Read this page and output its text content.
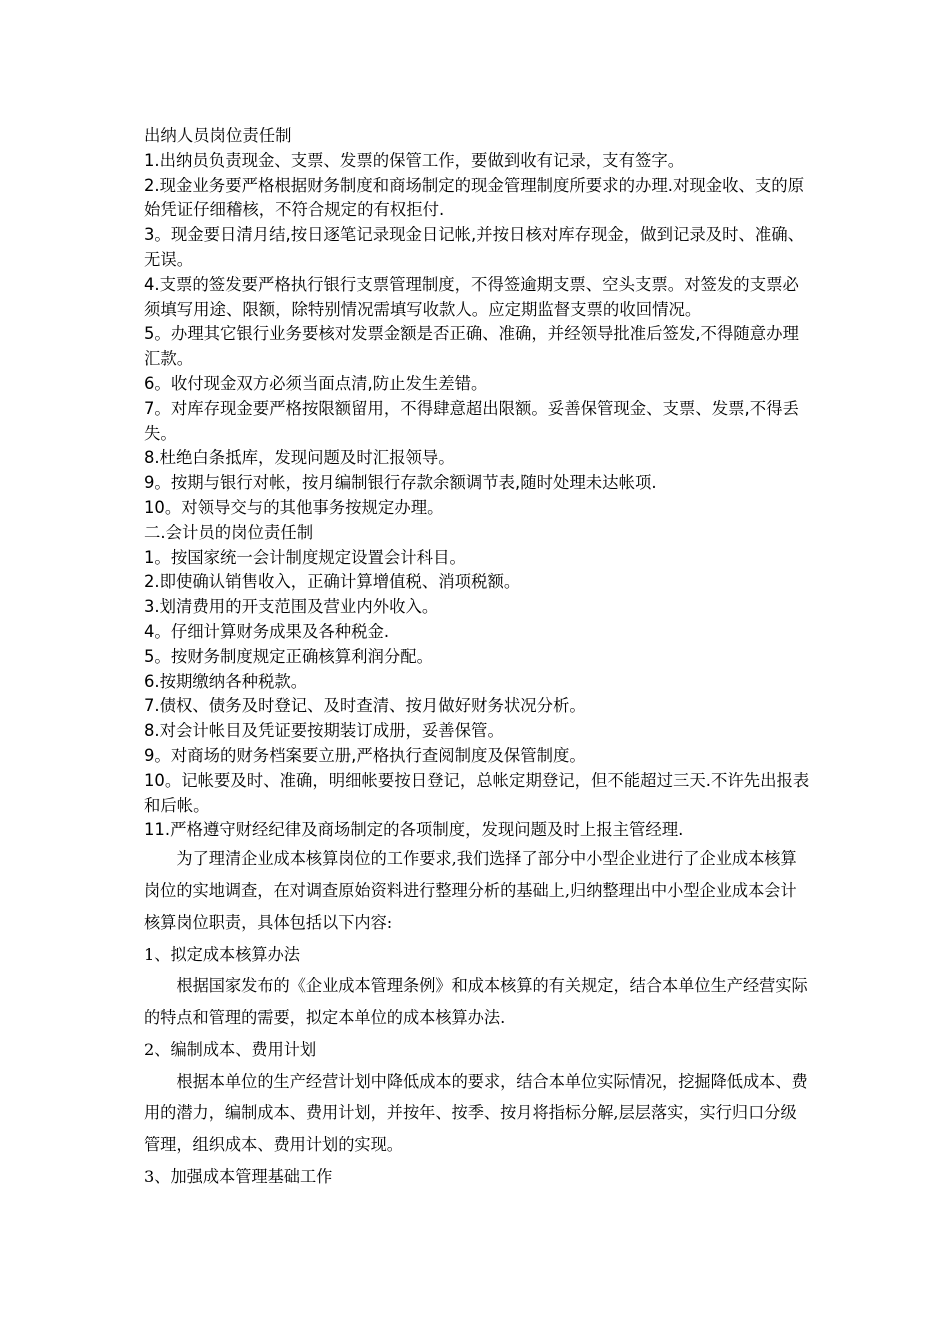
出纳人员岗位责任制

1.出纳员负责现金、支票、发票的保管工作，要做到收有记录，支有签字。

2.现金业务要严格根据财务制度和商场制定的现金管理制度所要求的办理.对现金收、支的原始凭证仔细稽核，不符合规定的有权拒付.

3。现金要日清月结,按日逐笔记录现金日记帐,并按日核对库存现金，做到记录及时、准确、无误。

4.支票的签发要严格执行银行支票管理制度，不得签逾期支票、空头支票。对签发的支票必须填写用途、限额，除特别情况需填写收款人。应定期监督支票的收回情况。

5。办理其它银行业务要核对发票金额是否正确、准确，并经领导批准后签发,不得随意办理汇款。

6。收付现金双方必须当面点清,防止发生差错。

7。对库存现金要严格按限额留用，不得肆意超出限额。妥善保管现金、支票、发票,不得丢失。

8.杜绝白条抵库，发现问题及时汇报领导。

9。按期与银行对帐，按月编制银行存款余额调节表,随时处理未达帐项.

10。对领导交与的其他事务按规定办理。

二.会计员的岗位责任制

1。按国家统一会计制度规定设置会计科目。

2.即使确认销售收入，正确计算增值税、消项税额。

3.划清费用的开支范围及营业内外收入。

4。仔细计算财务成果及各种税金.

5。按财务制度规定正确核算利润分配。

6.按期缴纳各种税款。

7.债权、债务及时登记、及时查清、按月做好财务状况分析。

8.对会计帐目及凭证要按期装订成册，妥善保管。

9。对商场的财务档案要立册,严格执行查阅制度及保管制度。

10。记帐要及时、准确，明细帐要按日登记，总帐定期登记，但不能超过三天.不许先出报表和后帐。

11.严格遵守财经纪律及商场制定的各项制度，发现问题及时上报主管经理.

为了理清企业成本核算岗位的工作要求,我们选择了部分中小型企业进行了企业成本核算岗位的实地调查，在对调查原始资料进行整理分析的基础上,归纳整理出中小型企业成本会计核算岗位职责，具体包括以下内容:

1、拟定成本核算办法

根据国家发布的《企业成本管理条例》和成本核算的有关规定，结合本单位生产经营实际的特点和管理的需要，拟定本单位的成本核算办法.

2、编制成本、费用计划

根据本单位的生产经营计划中降低成本的要求，结合本单位实际情况，挖掘降低成本、费用的潜力，编制成本、费用计划，并按年、按季、按月将指标分解,层层落实，实行归口分级管理，组织成本、费用计划的实现。

3、加强成本管理基础工作
